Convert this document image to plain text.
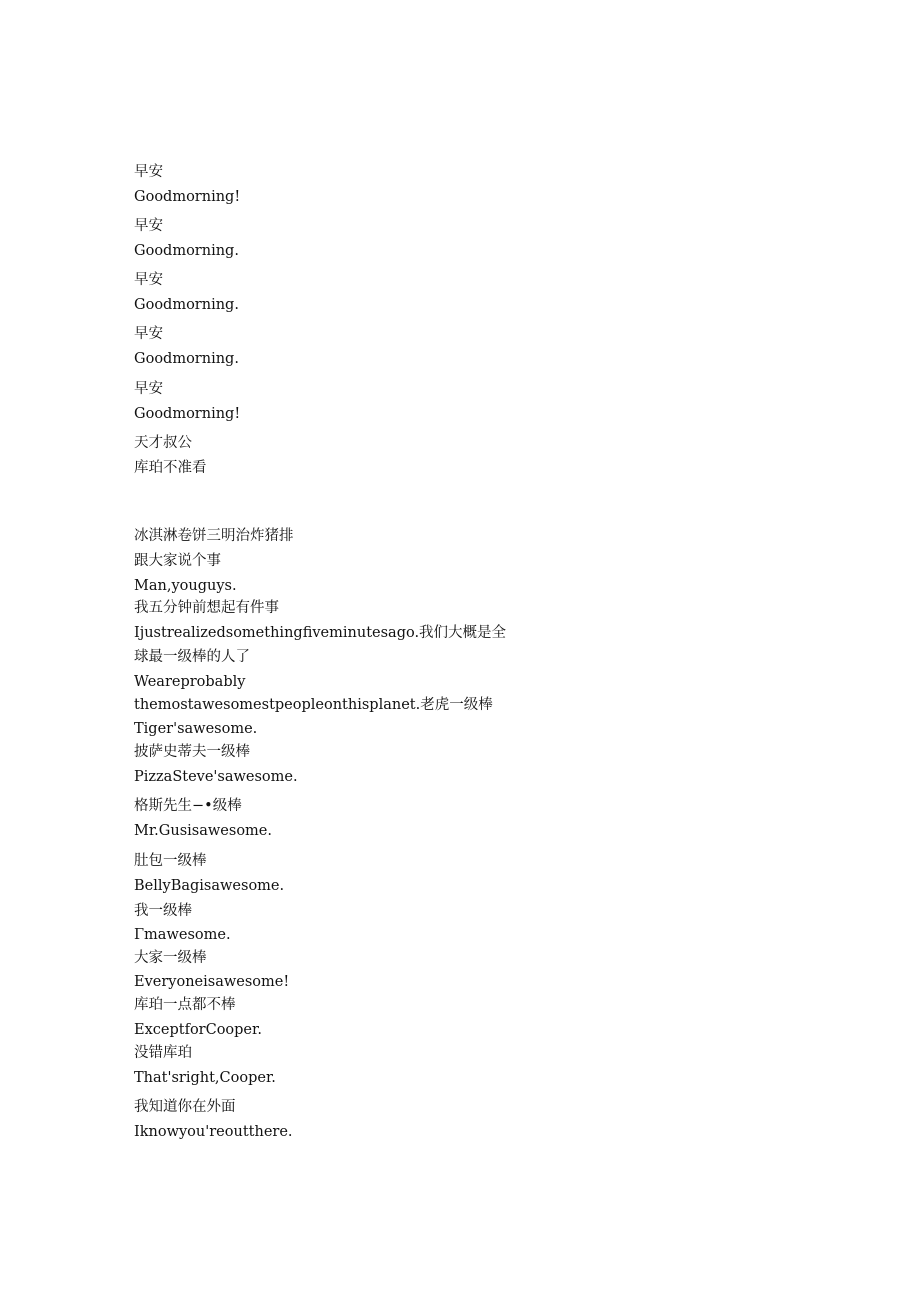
早安
Goodmorning!
早安
Goodmorning.
早安
Goodmorning.
早安
Goodmorning.
早安
Goodmorning!
天才叔公
库珀不准看
冰淇淋卷饼三明治炸猪排
跟大家说个事
Man,youguys.
我五分钟前想起有件事
Ijustrealizedsomethingfiveminutesago.我们大概是全
球最一级棒的人了
Weareprobably
themostawesomestpeopleonthisplanet.老虎一级棒
Tiger'sawesome.
披萨史蒂夫一级棒
PizzaSteve'sawesome.
格斯先生−•级棒
Mr.Gusisawesome.
肚包一级棒
BellyBagisawesome.
我一级棒
Γmawesome.
大家一级棒
Everyoneisawesome!
库珀一点都不棒
ExceptforCooper.
没错库珀
That'sright,Cooper.
我知道你在外面
Iknowyou'reoutthere.
